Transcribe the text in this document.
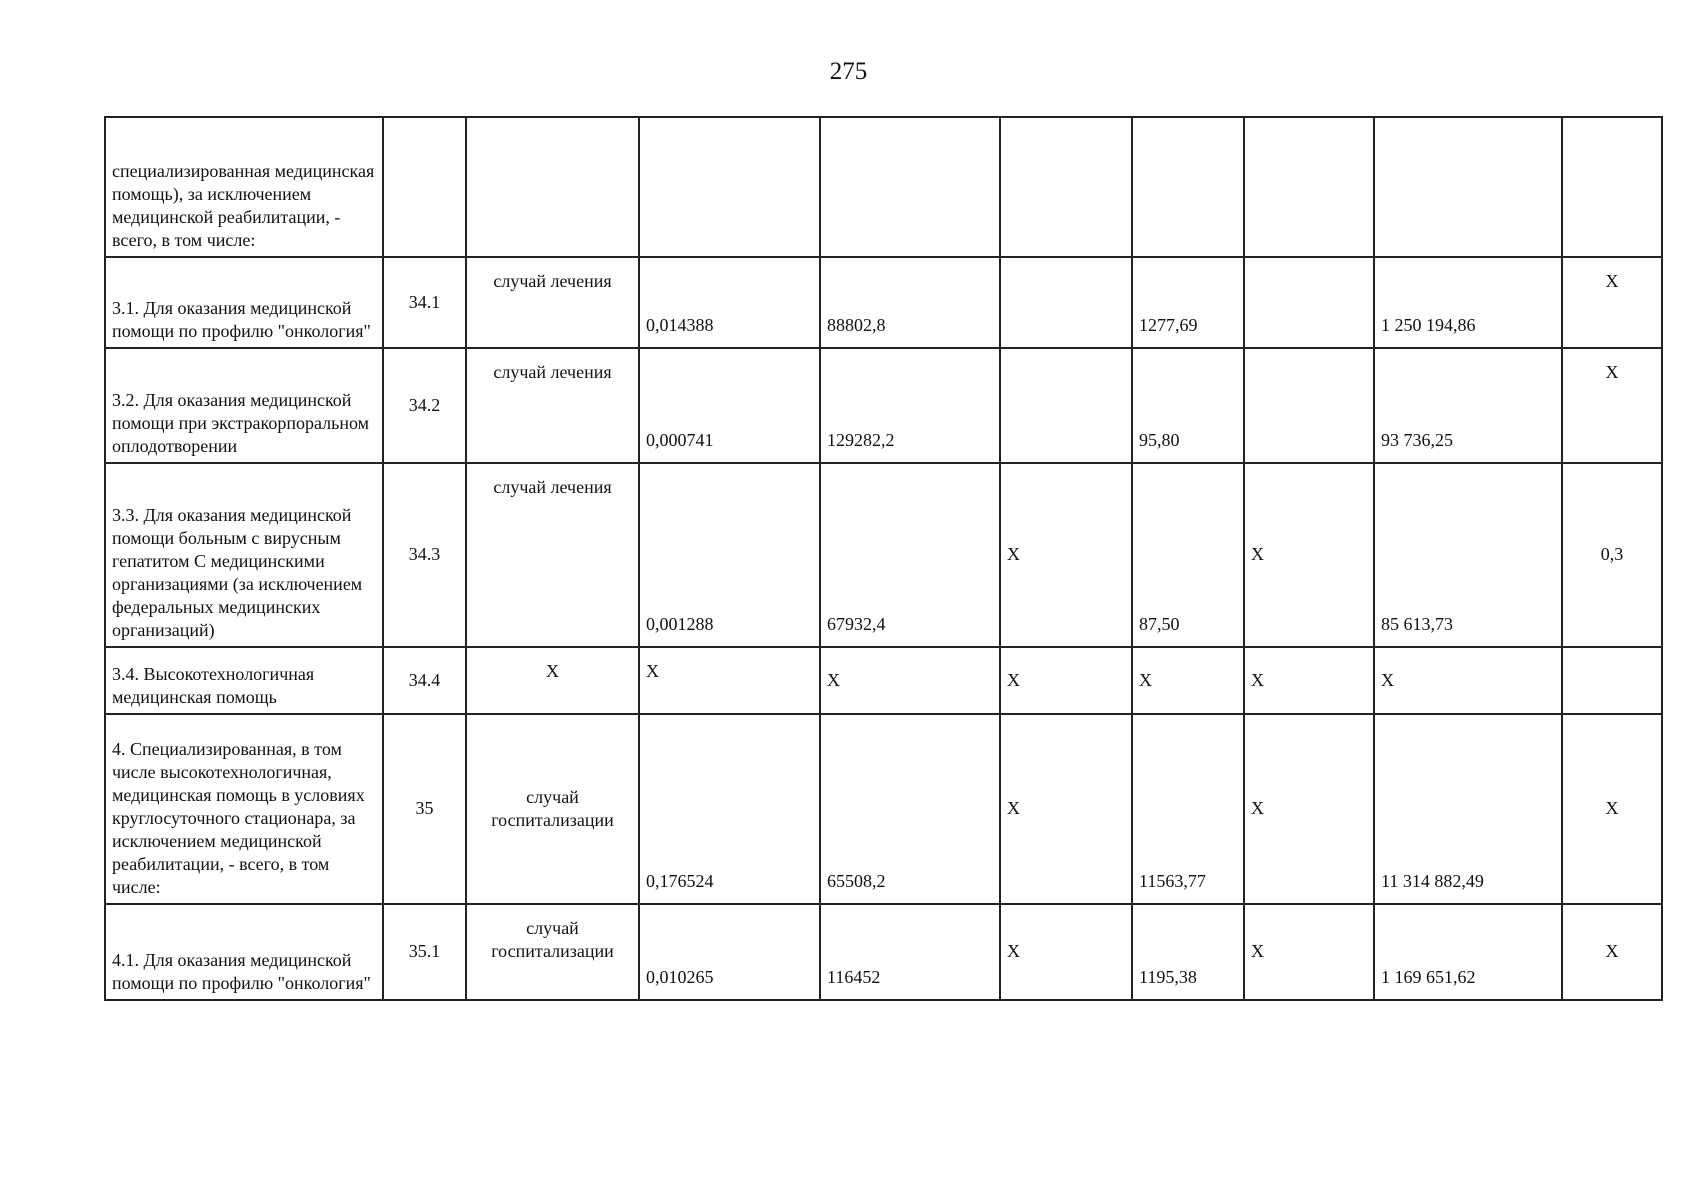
275
специализированная медицинская помощь), за исключением медицинской реабилитации, - всего, в том числе:									
3.1. Для оказания медицинской помощи по профилю "онкология"	34.1	случай лечения	0,014388	88802,8		1277,69		1 250 194,86	X
3.2. Для оказания медицинской помощи при экстракорпоральном оплодотворении	34.2	случай лечения	0,000741	129282,2		95,80		93 736,25	X
3.3. Для оказания медицинской помощи больным с вирусным гепатитом С медицинскими организациями (за исключением федеральных медицинских организаций)	34.3	случай лечения	0,001288	67932,4	X	87,50	X	85 613,73	0,3
3.4. Высокотехнологичная медицинская помощь	34.4	X	X	X	X	X	X	X	
4. Специализированная, в том числе высокотехнологичная, медицинская помощь в условиях круглосуточного стационара, за исключением медицинской реабилитации, - всего, в том числе:	35	случай госпитализации	0,176524	65508,2	X	11563,77	X	11 314 882,49	X
4.1. Для оказания медицинской помощи по профилю "онкология"	35.1	случай госпитализации	0,010265	116452	X	1195,38	X	1 169 651,62	X
